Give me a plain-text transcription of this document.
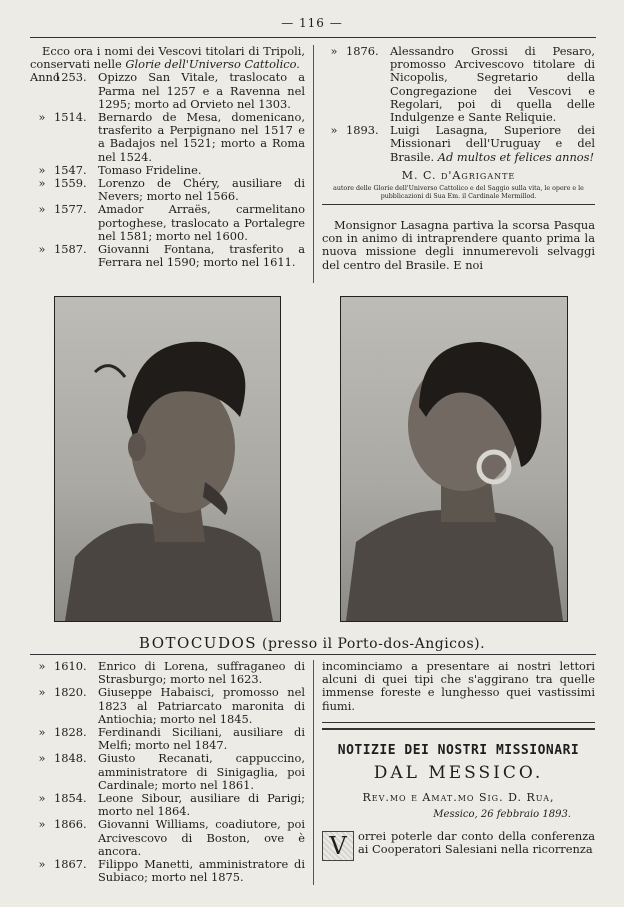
— 116 —
Ecco ora i nomi dei Vescovi titolari di Tripoli, conservati nelle Glorie dell'Universo Cattolico.
Anno
1253. Opizzo San Vitale, traslocato a Parma nel 1257 e a Ravenna nel 1295; morto ad Orvieto nel 1303.
» 1514. Bernardo de Mesa, domenicano, trasferito a Perpignano nel 1517 e a Badajos nel 1521; morto a Roma nel 1524.
» 1547. Tomaso Frideline.
» 1559. Lorenzo de Chéry, ausiliare di Nevers; morto nel 1566.
» 1577. Amador Arraës, carmelitano portoghese, traslocato a Portalegre nel 1581; morto nel 1600.
» 1587. Giovanni Fontana, trasferito a Ferrara nel 1590; morto nel 1611.
» 1876. Alessandro Grossi di Pesaro, promosso Arcivescovo titolare di Nicopolis, Segretario della Congregazione dei Vescovi e Regolari, poi di quella delle Indulgenze e Sante Reliquie.
» 1893. Luigi Lasagna, Superiore dei Missionari dell'Uruguay e del Brasile. Ad multos et felices annos!
M. C. d'Agrigante
autore delle Glorie dell'Universo Cattolico e del Saggio sulla vita, le opere e le pubblicazioni di Sua Em. il Cardinale Mermillod.
Monsignor Lasagna partiva la scorsa Pasqua con in animo di intraprendere quanto prima la nuova missione degli innumerevoli selvaggi del centro del Brasile. E noi
BOTOCUDOS (presso il Porto-dos-Angicos).
» 1610. Enrico di Lorena, suffraganeo di Strasburgo; morto nel 1623.
» 1820. Giuseppe Habaisci, promosso nel 1823 al Patriarcato maronita di Antiochia; morto nel 1845.
» 1828. Ferdinandi Siciliani, ausiliare di Melfi; morto nel 1847.
» 1848. Giusto Recanati, cappuccino, amministratore di Sinigaglia, poi Cardinale; morto nel 1861.
» 1854. Leone Sibour, ausiliare di Parigi; morto nel 1864.
» 1866. Giovanni Williams, coadiutore, poi Arcivescovo di Boston, ove è ancora.
» 1867. Filippo Manetti, amministratore di Subiaco; morto nel 1875.
incominciamo a presentare ai nostri lettori alcuni di quei tipi che s'aggirano tra quelle immense foreste e lunghesso quei vastissimi fiumi.
NOTIZIE DEI NOSTRI MISSIONARI
DAL MESSICO.
Rev.mo e Amat.mo Sig. D. Rua,
Messico, 26 febbraio 1893.
V orrei poterle dar conto della conferenza ai Cooperatori Salesiani nella ricorrenza
